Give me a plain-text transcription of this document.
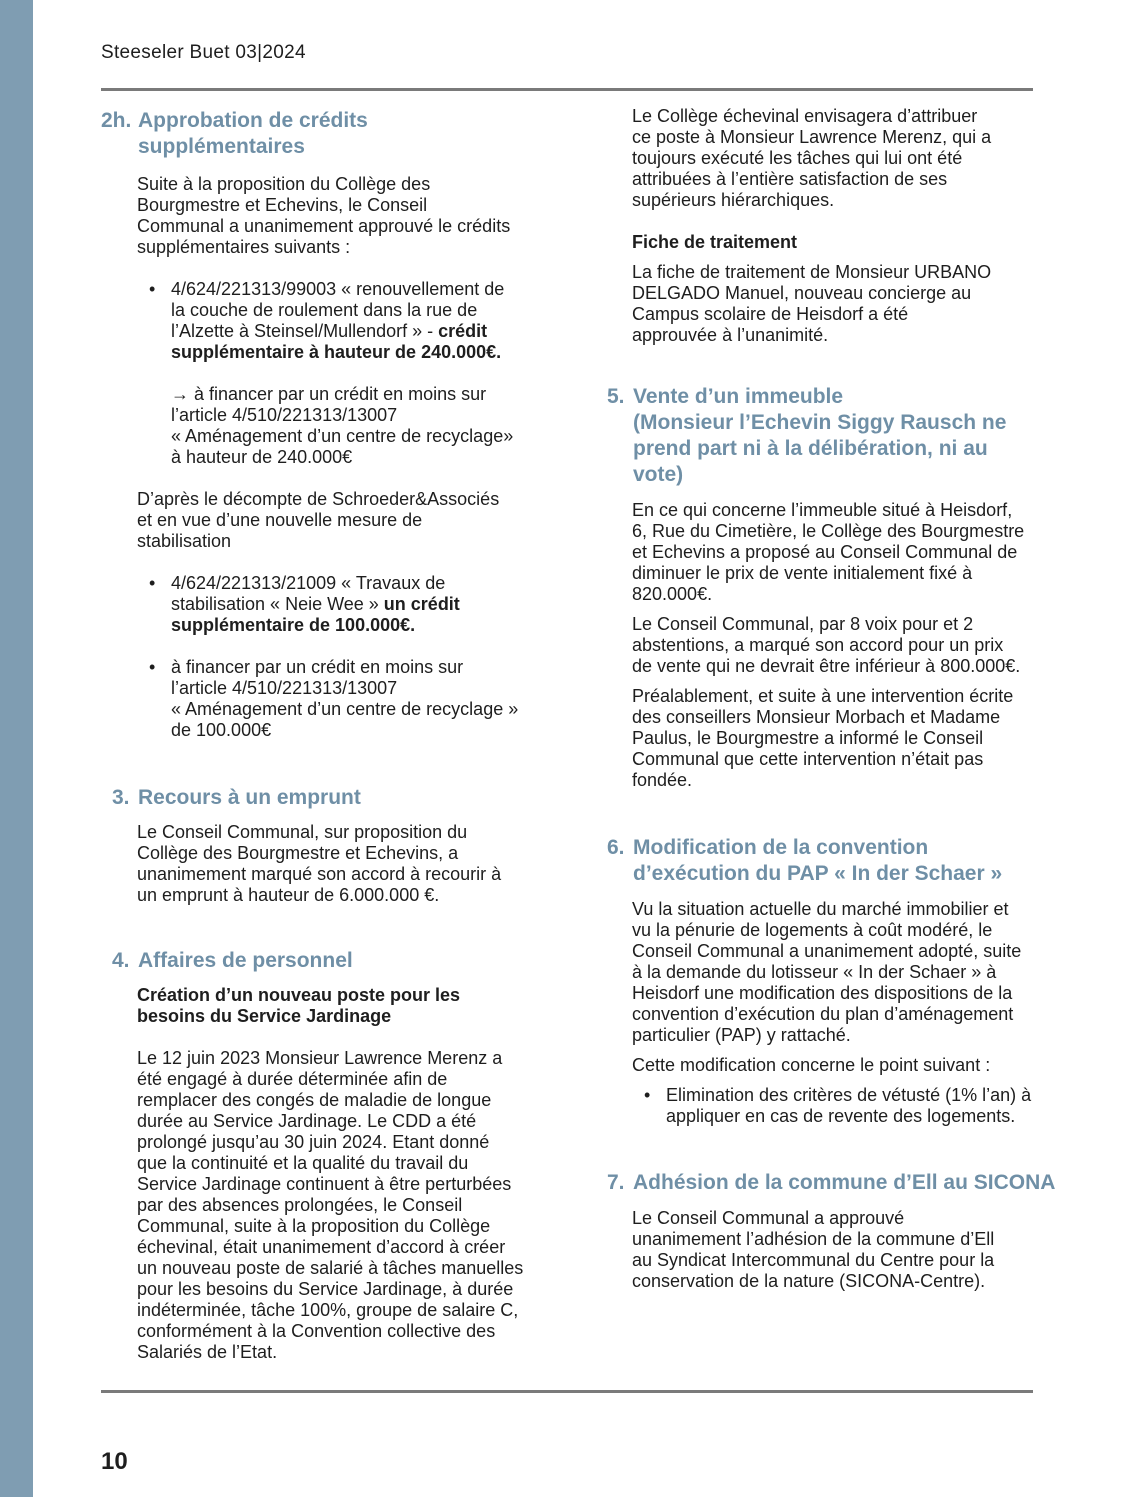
Steeseler Buet 03|2024
2h. Approbation de crédits
supplémentaires
Suite à la proposition du Collège des
Bourgmestre et Echevins, le Conseil
Communal a unanimement approuvé le crédits
supplémentaires suivants :
• 4/624/221313/99003 « renouvellement de
la couche de roulement dans la rue de
l’Alzette à Steinsel/Mullendorf » - crédit
supplémentaire à hauteur de 240.000€.
→ à financer par un crédit en moins sur
l’article 4/510/221313/13007
« Aménagement d’un centre de recyclage»
à hauteur de 240.000€
D’après le décompte de Schroeder&Associés
et en vue d’une nouvelle mesure de
stabilisation
• 4/624/221313/21009 « Travaux de
stabilisation « Neie Wee » un crédit
supplémentaire de 100.000€.
• à financer par un crédit en moins sur
l’article 4/510/221313/13007
« Aménagement d’un centre de recyclage »
de 100.000€
3. Recours à un emprunt
Le Conseil Communal, sur proposition du
Collège des Bourgmestre et Echevins, a
unanimement marqué son accord à recourir à
un emprunt à hauteur de 6.000.000 €.
4. Affaires de personnel
Création d’un nouveau poste pour les
besoins du Service Jardinage
Le 12 juin 2023 Monsieur Lawrence Merenz a
été engagé à durée déterminée afin de
remplacer des congés de maladie de longue
durée au Service Jardinage. Le CDD a été
prolongé jusqu’au 30 juin 2024. Etant donné
que la continuité et la qualité du travail du
Service Jardinage continuent à être perturbées
par des absences prolongées, le Conseil
Communal, suite à la proposition du Collège
échevinal, était unanimement d’accord à créer
un nouveau poste de salarié à tâches manuelles
pour les besoins du Service Jardinage, à durée
indéterminée, tâche 100%, groupe de salaire C,
conformément à la Convention collective des
Salariés de l’Etat.
Le Collège échevinal envisagera d’attribuer
ce poste à Monsieur Lawrence Merenz, qui a
toujours exécuté les tâches qui lui ont été
attribuées à l’entière satisfaction de ses
supérieurs hiérarchiques.
Fiche de traitement
La fiche de traitement de Monsieur URBANO
DELGADO Manuel, nouveau concierge au
Campus scolaire de Heisdorf a été
approuvée à l’unanimité.
5. Vente d’un immeuble
(Monsieur l’Echevin Siggy Rausch ne
prend part ni à la délibération, ni au
vote)
En ce qui concerne l’immeuble situé à Heisdorf,
6, Rue du Cimetière, le Collège des Bourgmestre
et Echevins a proposé au Conseil Communal de
diminuer le prix de vente initialement fixé à
820.000€.
Le Conseil Communal, par 8 voix pour et 2
abstentions, a marqué son accord pour un prix
de vente qui ne devrait être inférieur à 800.000€.
Préalablement, et suite à une intervention écrite
des conseillers Monsieur Morbach et Madame
Paulus, le Bourgmestre a informé le Conseil
Communal que cette intervention n’était pas
fondée.
6. Modification de la convention
d’exécution du PAP « In der Schaer »
Vu la situation actuelle du marché immobilier et
vu la pénurie de logements à coût modéré, le
Conseil Communal a unanimement adopté, suite
à la demande du lotisseur « In der Schaer » à
Heisdorf une modification des dispositions de la
convention d’exécution du plan d’aménagement
particulier (PAP) y rattaché.
Cette modification concerne le point suivant :
• Elimination des critères de vétusté (1% l’an) à
appliquer en cas de revente des logements.
7. Adhésion de la commune d’Ell au SICONA
Le Conseil Communal a approuvé
unanimement l’adhésion de la commune d’Ell
au Syndicat Intercommunal du Centre pour la
conservation de la nature (SICONA-Centre).
10
